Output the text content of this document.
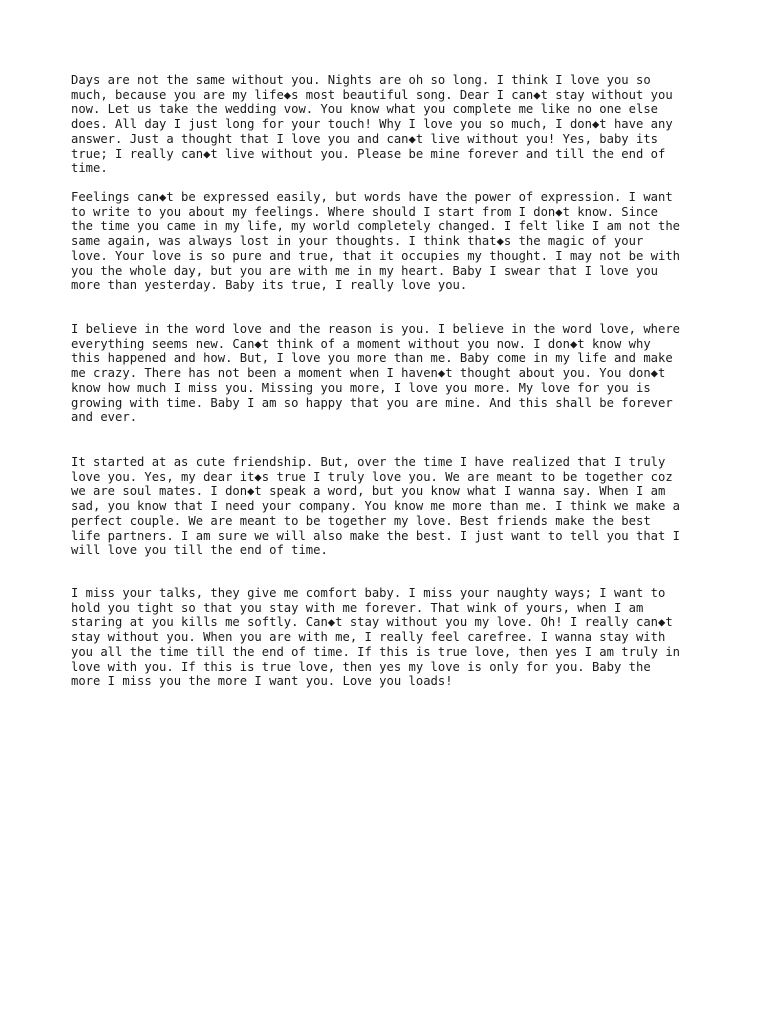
Days are not the same without you. Nights are oh so long. I think I love you so
much, because you are my life◆s most beautiful song. Dear I can◆t stay without you
now. Let us take the wedding vow. You know what you complete me like no one else
does. All day I just long for your touch! Why I love you so much, I don◆t have any
answer. Just a thought that I love you and can◆t live without you! Yes, baby its
true; I really can◆t live without you. Please be mine forever and till the end of
time.

Feelings can◆t be expressed easily, but words have the power of expression. I want
to write to you about my feelings. Where should I start from I don◆t know. Since
the time you came in my life, my world completely changed. I felt like I am not the
same again, was always lost in your thoughts. I think that◆s the magic of your
love. Your love is so pure and true, that it occupies my thought. I may not be with
you the whole day, but you are with me in my heart. Baby I swear that I love you
more than yesterday. Baby its true, I really love you.

I believe in the word love and the reason is you. I believe in the word love, where
everything seems new. Can◆t think of a moment without you now. I don◆t know why
this happened and how. But, I love you more than me. Baby come in my life and make
me crazy. There has not been a moment when I haven◆t thought about you. You don◆t
know how much I miss you. Missing you more, I love you more. My love for you is
growing with time. Baby I am so happy that you are mine. And this shall be forever
and ever.

It started at as cute friendship. But, over the time I have realized that I truly
love you. Yes, my dear it◆s true I truly love you. We are meant to be together coz
we are soul mates. I don◆t speak a word, but you know what I wanna say. When I am
sad, you know that I need your company. You know me more than me. I think we make a
perfect couple. We are meant to be together my love. Best friends make the best
life partners. I am sure we will also make the best. I just want to tell you that I
will love you till the end of time.

I miss your talks, they give me comfort baby. I miss your naughty ways; I want to
hold you tight so that you stay with me forever. That wink of yours, when I am
staring at you kills me softly. Can◆t stay without you my love. Oh! I really can◆t
stay without you. When you are with me, I really feel carefree. I wanna stay with
you all the time till the end of time. If this is true love, then yes I am truly in
love with you. If this is true love, then yes my love is only for you. Baby the
more I miss you the more I want you. Love you loads!
